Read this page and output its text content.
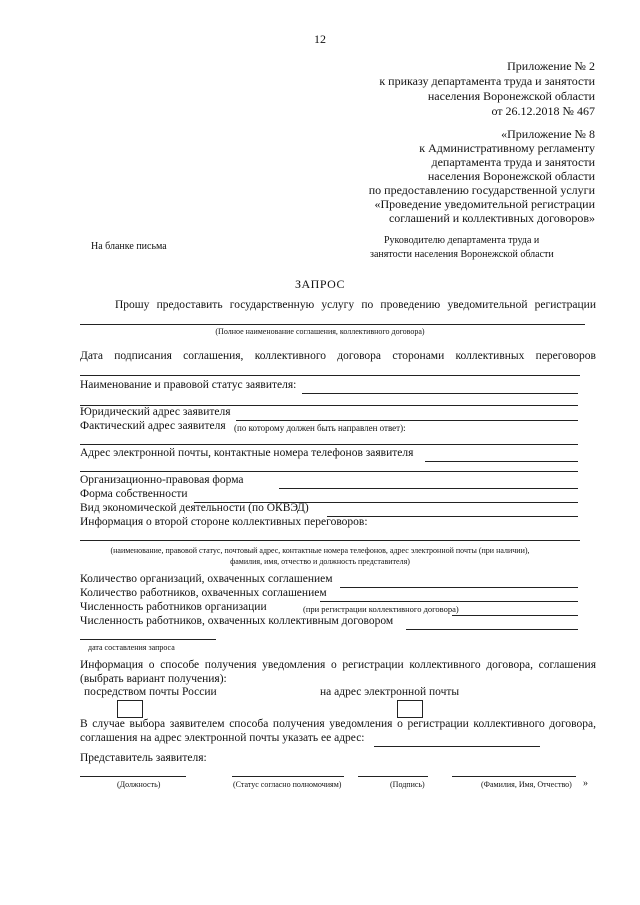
12
Приложение № 2
к приказу департамента труда и занятости
населения Воронежской области
от 26.12.2018 № 467
«Приложение № 8
к Административному регламенту
департамента труда и занятости
населения Воронежской области
по предоставлению государственной услуги
«Проведение уведомительной регистрации
соглашений и коллективных договоров»
На бланке письма
Руководителю департамента труда и
занятости населения Воронежской области
ЗАПРОС
Прошу предоставить государственную услугу по проведению уведомительной регистрации
(Полное наименование соглашения, коллективного договора)
Дата подписания соглашения, коллективного договора сторонами коллективных переговоров
Наименование и правовой статус заявителя:
Юридический адрес заявителя
Фактический адрес заявителя (по которому должен быть направлен ответ):
Адрес электронной почты, контактные номера телефонов заявителя
Организационно-правовая форма
Форма собственности
Вид экономической деятельности (по ОКВЭД)
Информация о второй стороне коллективных переговоров:
(наименование, правовой статус, почтовый адрес, контактные номера телефонов, адрес электронной почты (при наличии),
фамилия, имя, отчество и должность представителя)
Количество организаций, охваченных соглашением
Количество работников, охваченных соглашением
Численность работников организации	(при регистрации коллективного договора)
Численность работников, охваченных коллективным договором
дата составления запроса
Информация о способе получения уведомления о регистрации коллективного договора, соглашения
(выбрать вариант получения):
посредством почты России	на адрес электронной почты
В случае выбора заявителем способа получения уведомления о регистрации коллективного договора,
соглашения на адрес электронной почты указать ее адрес:
Представитель заявителя:
(Должность)	(Статус согласно полномочиям)	(Подпись)	(Фамилия, Имя, Отчество) »
